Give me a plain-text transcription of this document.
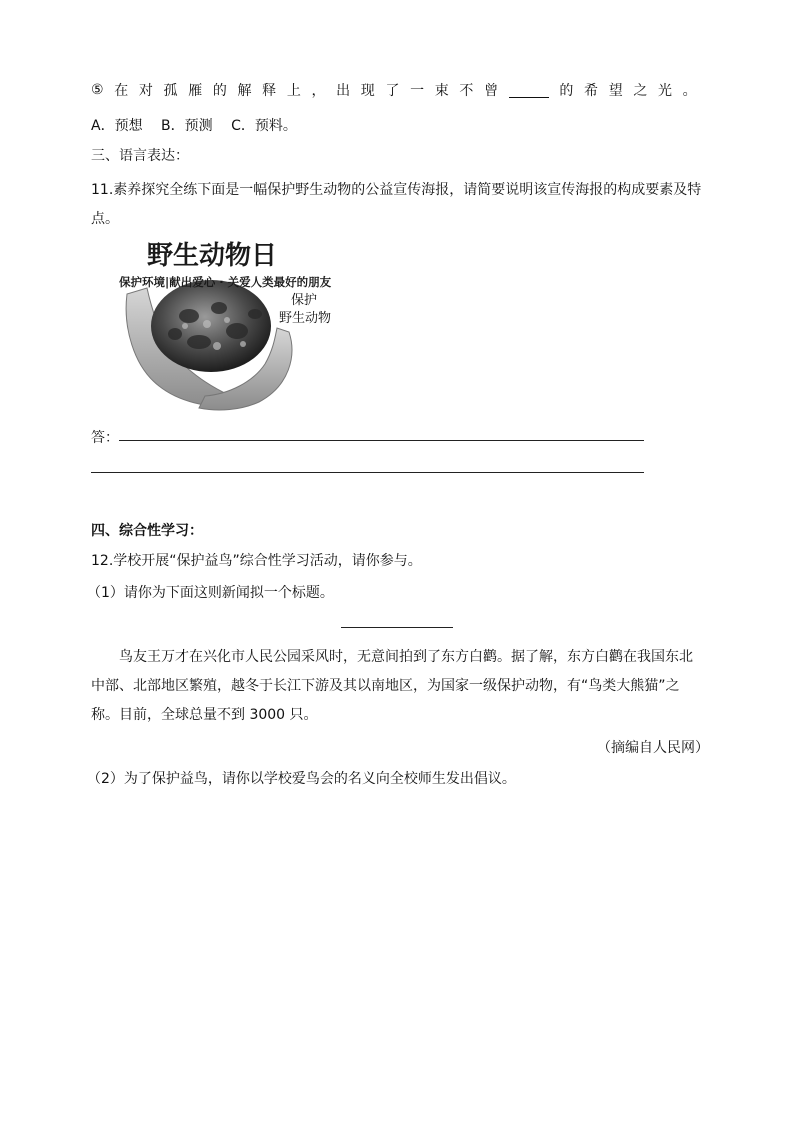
⑤ 在 对 孤 雁 的 解 释 上 ， 出 现 了 一 束 不 曾	的 希 望 之 光 。
A．预想 B．预测 C．预料。
三、语言表达：
11.素养探究全练下面是一幅保护野生动物的公益宣传海报，请简要说明该宣传海报的构成要素及特点。
野生动物日
保护环境|献出爱心 · 关爱人类最好的朋友
保护
野生动物
答：
四、综合性学习：
12.学校开展“保护益鸟”综合性学习活动，请你参与。
（1）请你为下面这则新闻拟一个标题。
鸟友王万才在兴化市人民公园采风时，无意间拍到了东方白鹳。据了解，东方白鹳在我国东北中部、北部地区繁殖，越冬于长江下游及其以南地区，为国家一级保护动物，有“鸟类大熊猫”之称。目前，全球总量不到 3000 只。
（摘编自人民网）
（2）为了保护益鸟，请你以学校爱鸟会的名义向全校师生发出倡议。
